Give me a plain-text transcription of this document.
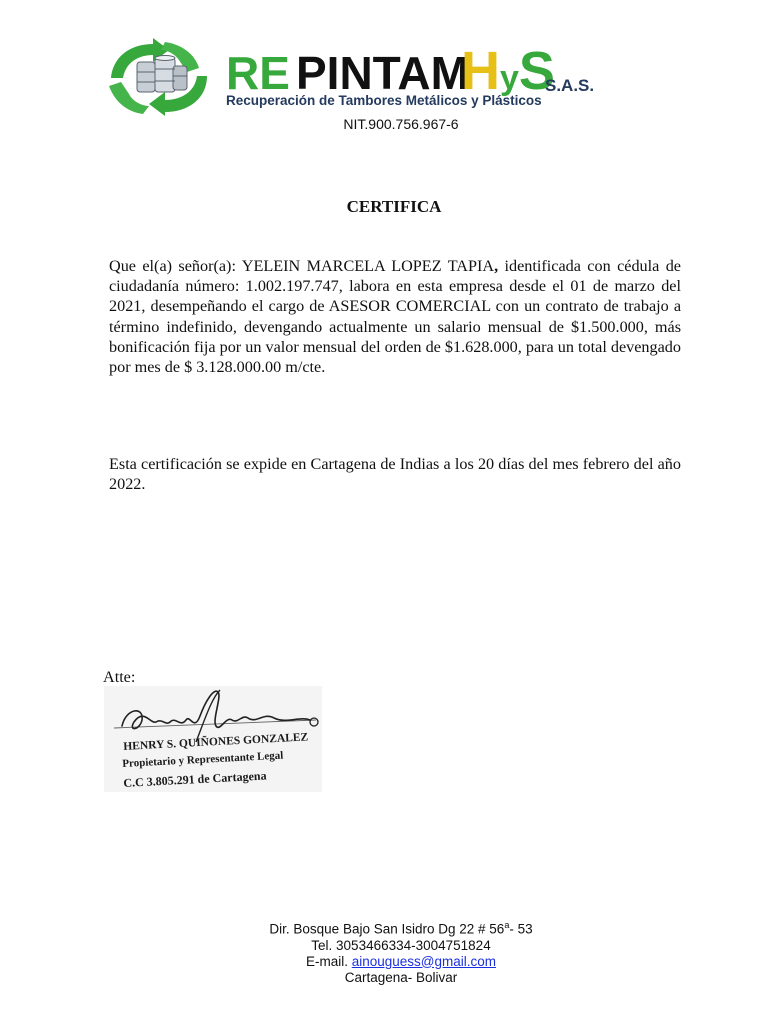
RE PINTAM
HyS
S.A.S.
Recuperación de Tambores Metálicos y Plásticos
NIT.900.756.967-6
CERTIFICA
Que el(a) señor(a): YELEIN MARCELA LOPEZ TAPIA, identificada con cédula de ciudadanía número: 1.002.197.747, labora en esta empresa desde el 01 de marzo del 2021, desempeñando el cargo de ASESOR COMERCIAL con un contrato de trabajo a término indefinido, devengando actualmente un salario mensual de $1.500.000, más bonificación fija por un valor mensual del orden de $1.628.000, para un total devengado por mes de $ 3.128.000.00 m/cte.
Esta certificación se expide en Cartagena de Indias a los 20 días del mes febrero del año 2022.
Atte:
HENRY S. QUIÑONES GONZALEZ
Propietario y Representante Legal
C.C 3.805.291 de Cartagena
Dir. Bosque Bajo San Isidro Dg 22 # 56$^a$- 53
Tel. 3053466334-3004751824
E-mail. ainouguess@gmail.com
Cartagena- Bolivar
